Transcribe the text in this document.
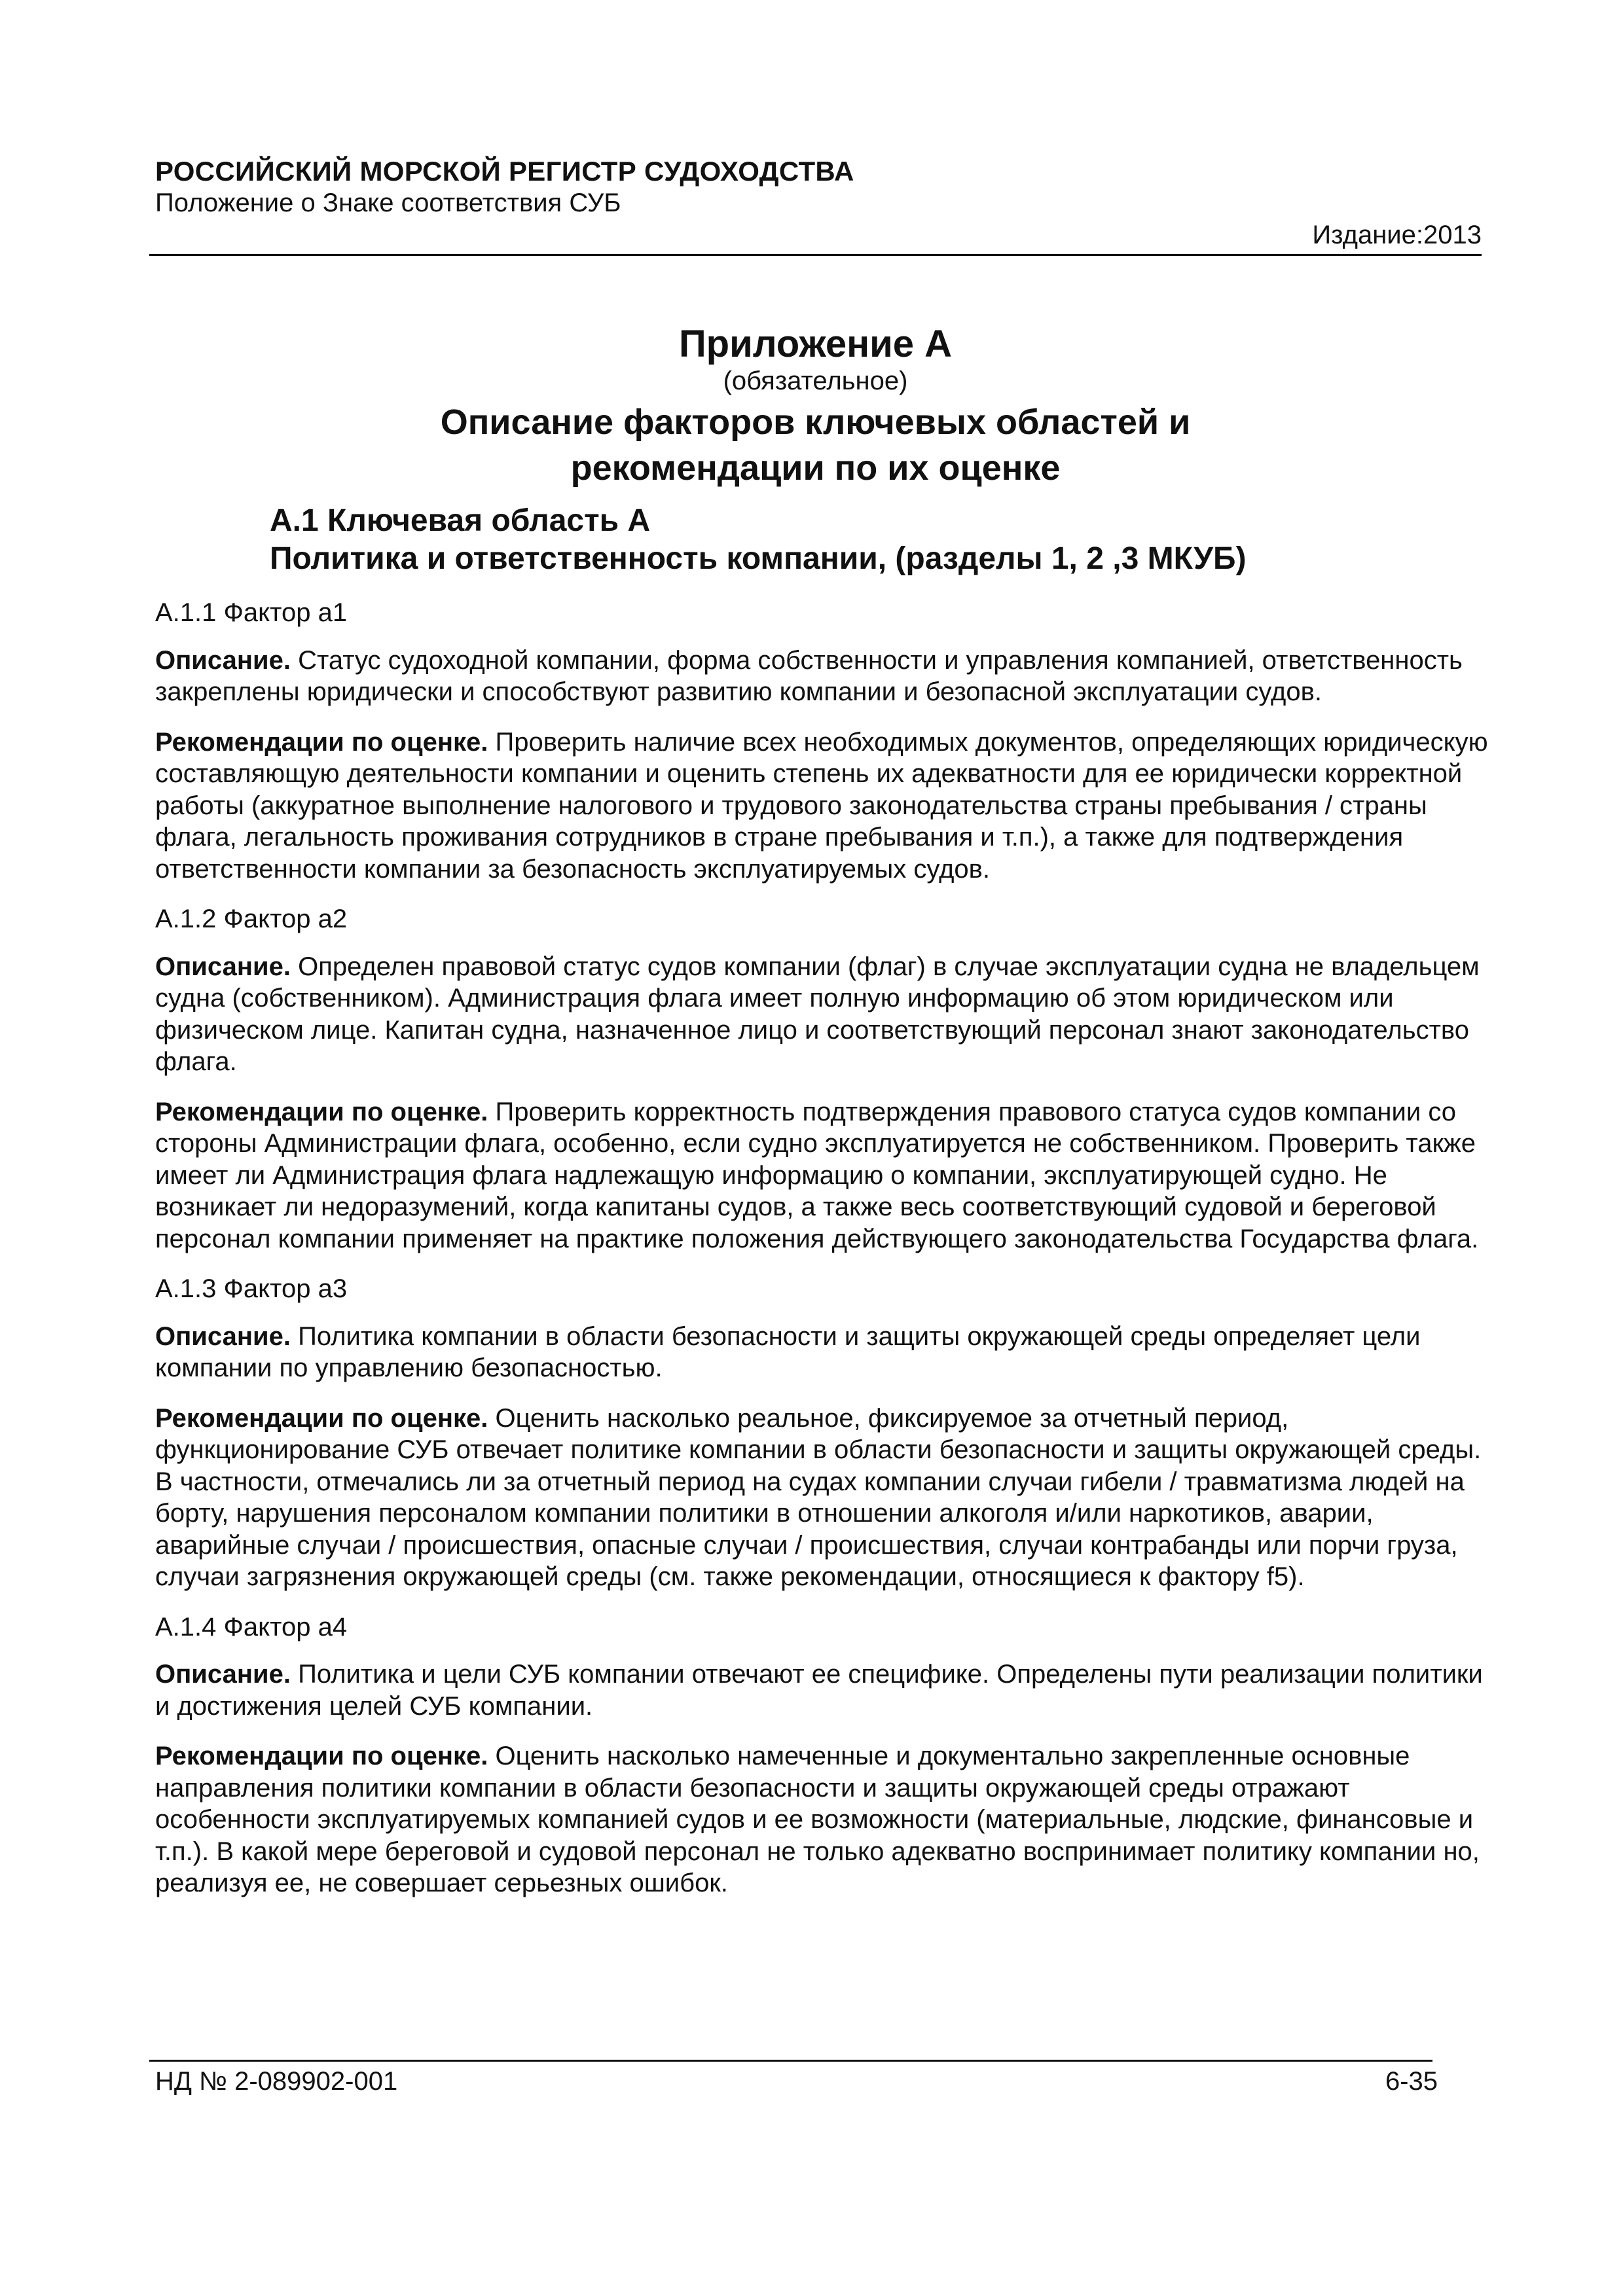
РОССИЙСКИЙ МОРСКОЙ РЕГИСТР СУДОХОДСТВА
Положение о Знаке соответствия СУБ
Издание:2013
Приложение А
(обязательное)
Описание факторов ключевых областей и
рекомендации по их оценке
А.1 Ключевая область А
Политика и ответственность компании, (разделы 1, 2 ,3 МКУБ)
А.1.1 Фактор а1
Описание. Статус судоходной компании, форма собственности и управления компанией, ответственность закреплены юридически и способствуют развитию компании и безопасной эксплуатации судов.
Рекомендации по оценке. Проверить наличие всех необходимых документов, определяющих юридическую составляющую деятельности компании и оценить степень их адекватности для ее юридически корректной работы (аккуратное выполнение налогового и трудового законодательства страны пребывания / страны флага, легальность проживания сотрудников в стране пребывания и т.п.), а также для подтверждения ответственности компании за безопасность эксплуатируемых судов.
А.1.2 Фактор а2
Описание. Определен правовой статус судов компании (флаг) в случае эксплуатации судна не владельцем судна (собственником). Администрация флага имеет полную информацию об этом юридическом или физическом лице. Капитан судна, назначенное лицо и соответствующий персонал знают законодательство флага.
Рекомендации по оценке. Проверить корректность подтверждения правового статуса судов компании со стороны Администрации флага, особенно, если судно эксплуатируется не собственником. Проверить также имеет ли Администрация флага надлежащую информацию о компании, эксплуатирующей судно. Не возникает ли недоразумений, когда капитаны судов, а также весь соответствующий судовой и береговой персонал компании применяет на практике положения действующего законодательства Государства флага.
А.1.3 Фактор а3
Описание. Политика компании в области безопасности и защиты окружающей среды определяет цели компании по управлению безопасностью.
Рекомендации по оценке. Оценить насколько реальное, фиксируемое за отчетный период, функционирование СУБ отвечает политике компании в области безопасности и защиты окружающей среды. В частности, отмечались ли за отчетный период на судах компании случаи гибели / травматизма людей на борту, нарушения персоналом компании политики в отношении алкоголя и/или наркотиков, аварии, аварийные случаи / происшествия, опасные случаи / происшествия, случаи контрабанды или порчи груза, случаи загрязнения окружающей среды (см. также рекомендации, относящиеся к фактору f5).
А.1.4 Фактор а4
Описание. Политика и цели СУБ компании отвечают ее специфике. Определены пути реализации политики и достижения целей СУБ компании.
Рекомендации по оценке. Оценить насколько намеченные и документально закрепленные основные направления политики компании в области безопасности и защиты окружающей среды отражают особенности эксплуатируемых компанией судов и ее возможности (материальные, людские, финансовые и т.п.). В какой мере береговой и судовой персонал не только адекватно воспринимает политику компании но, реализуя ее, не совершает серьезных ошибок.
НД № 2-089902-001	6-35
